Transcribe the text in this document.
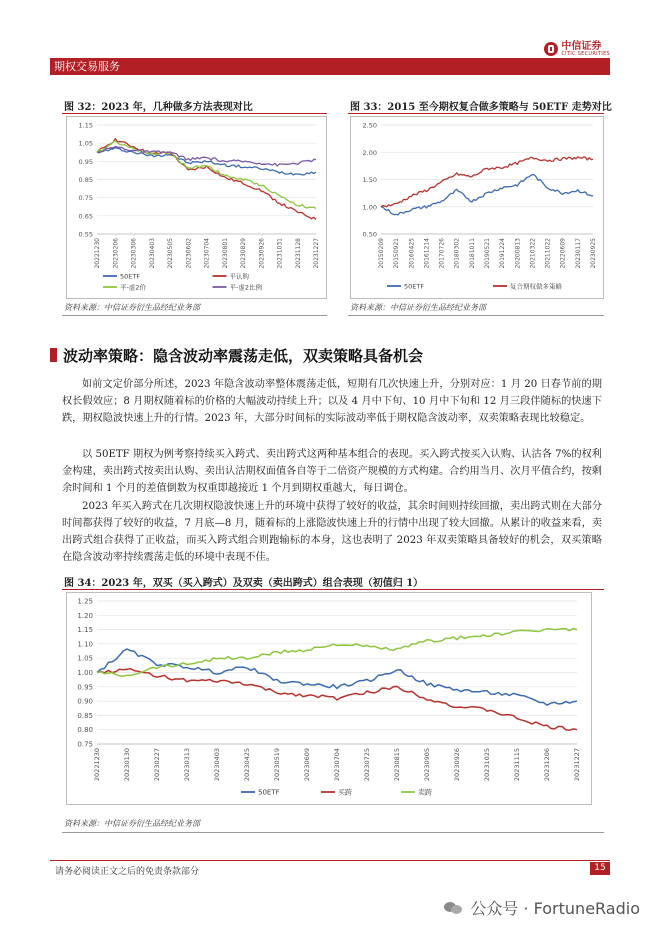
期权交易服务
中信证券
CITIC SECURITIES
图 32：2023 年，几种做多方法表现对比
1.15
1.05
0.95
0.85
0.75
0.65
0.55
20221230 20230206 20230306 20230403 20230505 20230602 20230704 20230801 20230829 20230926 20231031 20231128 20231227
50ETF	平认购
平-虚2价	平-虚2比例
资料来源：中信证券衍生品经纪业务部
图 33：2015 至今期权复合做多策略与 50ETF 走势对比
2.50
2.00
1.50
1.00
0.50
20150209 20150921 20160425 20161214 20170726 20180302 20181011 20190521 20191224 20200813 20210322 20211022 20220609 20230117 20230925
50ETF	复合期权做多策略
资料来源：中信证券衍生品经纪业务部
波动率策略：隐含波动率震荡走低，双卖策略具备机会

如前文定价部分所述，2023 年隐含波动率整体震荡走低，短期有几次快速上升，分别对应：1 月 20 日春节前的期权长假效应；8 月期权随着标的价格的大幅波动持续上升；以及 4 月中下旬、10 月中下旬和 12 月三段伴随标的快速下跌，期权隐波快速上升的行情。2023 年，大部分时间标的实际波动率低于期权隐含波动率，双卖策略表现比较稳定。

以 50ETF 期权为例考察持续买入跨式、卖出跨式这两种基本组合的表现。买入跨式按买入认购、认沽各 7%的权利金构建，卖出跨式按卖出认购、卖出认沽期权面值各自等于二倍资产规模的方式构建。合约用当月、次月平值合约，按剩余时间和 1 个月的差值倒数为权重即越接近 1 个月到期权重越大，每日调仓。

2023 年买入跨式在几次期权隐波快速上升的环境中获得了较好的收益，其余时间则持续回撤，卖出跨式则在大部分时间都获得了较好的收益，7 月底—8 月，随着标的上涨隐波快速上升的行情中出现了较大回撤。从累计的收益来看，卖出跨式组合获得了正收益，而买入跨式组合则跑输标的本身，这也表明了 2023 年双卖策略具备较好的机会，双买策略在隐含波动率持续震荡走低的环境中表现不佳。

图 34：2023 年，双买（买入跨式）及双卖（卖出跨式）组合表现（初值归 1）
1.25
1.20
1.15
1.10
1.05
1.00
0.95
0.90
0.85
0.80
0.75
20221230	20230130	20230227	20230313	20230403	20230425	20230519	20230609	20230704	20230725	20230815	20230905	20230926	20231025	20231115	20231206	20231227
50ETF	买跨	卖跨
资料来源：中信证券衍生品经纪业务部
请务必阅读正文之后的免责条款部分	15
公众号 · FortuneRadio
